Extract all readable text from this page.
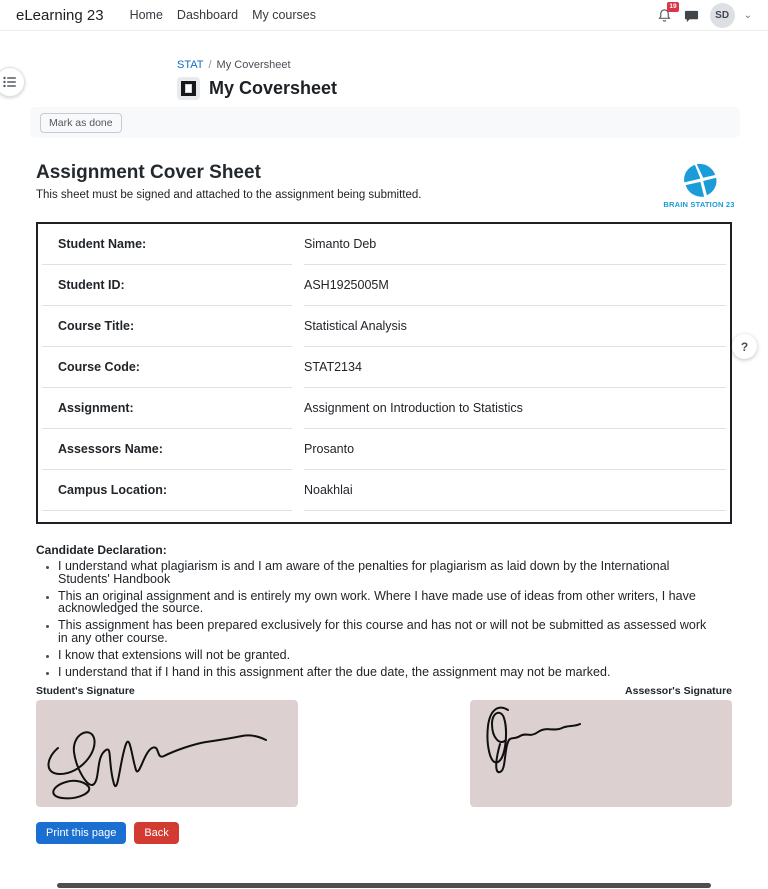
eLearning 23 Home Dashboard My courses
19
SD	⌄
?
STAT / My Coversheet
My Coversheet
Mark as done
Assignment Cover Sheet
This sheet must be signed and attached to the assignment being submitted.
BRAIN STATION 23
Student Name:	Simanto Deb
Student ID:	ASH1925005M
Course Title:	Statistical Analysis
Course Code:	STAT2134
Assignment:	Assignment on Introduction to Statistics
Assessors Name:	Prosanto
Campus Location:	Noakhlai
Candidate Declaration:
• I understand what plagiarism is and I am aware of the penalties for plagiarism as laid down by the International Students' Handbook
• This an original assignment and is entirely my own work. Where I have made use of ideas from other writers, I have acknowledged the source.
• This assignment has been prepared exclusively for this course and has not or will not be submitted as assessed work in any other course.
• I know that extensions will not be granted.
• I understand that if I hand in this assignment after the due date, the assignment may not be marked.
Student's Signature	Assessor's Signature
Print this page	Back
